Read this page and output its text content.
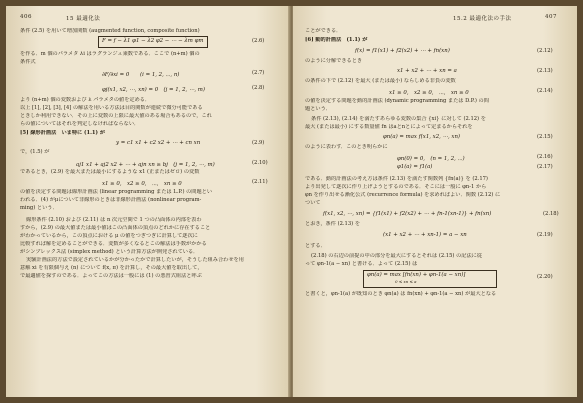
406	15 最適化法
条件 (2.5) を用いて増加関数 (augmented function, composite function)
F = f − λ1 φ1 − λ2 φ2 − ⋯ − λm φm	(2.6)
を作る．m 個のパラメタ λi はラグランジュ乗数である．ここで (n+m) 個の
条件式
∂F/∂xi = 0　　(i = 1, 2, ⋯, n)	(2.7)
φj(x1, x2, ⋯, xn) = 0　(j = 1, 2, ⋯, m)	(2.8)
より (n+m) 個の変数および λ パラメタの値を定める．
以上 [1], [2], [3], [4] の解法を用いる方法は目的関数が連続で微分可能である
ときしか利用できない．その上に変数の上限に最大値のある場合もあるので，これ
らの値についてはそれを判定しなければならない．
[5] 線形計画法　いま特に (1.1) が
y = c1 x1 + c2 x2 + ⋯ + cn xn	(2.9)
で，(1.5) が
aj1 x1 + aj2 x2 + ⋯ + ajn xn ≥ bj　(j = 1, 2, ⋯, m)	(2.10)
であるとき，(2.9) を最大または最小にするような x1 (正またはゼロ) の変数
x1 ≥ 0,　x2 ≥ 0,　⋯,　xn ≥ 0	(2.11)
の値を決定する問題は線形計画法 (linear programming または L.P.) の問題とい
われる．(4) がμについて非線形のときは非線形計画法 (nonlinear program-
ming) という．
線形条件 (2.10) および (2.11) は n 次元空間で 1 つの凸面体の内部を表わ
すから，(2.9) の最大値または最小値はこの凸面体の頂点のどれかに存在すること
がわかっているから，この頂点における μ の値をつぎつぎに計算して逐次に
比較すれば解を定めることができる．変数が多くなるとこの解法は手数がかかる
がシンプレックス法 (simplex method) という計算方法が開発されている．
実験計画法的方法で設定されているかが分かったかで計算したいが，そうした組み合わせを用
意解 xi を有限個与え (n) について f(x, π) を計算し，その最大値を取出して，
で最適値を探すのである．よってこの方法は一般には (1) の悪習式組法と呼ぶ
15.2 最適化法の手法	407
ことができる．
[6] 動的計画法　(1.1) が
f(x) = f1(x1) + f2(x2) + ⋯ + fn(xn)	(2.12)
のように分解できるとき
x1 + x2 + ⋯ + xn = a	(2.13)
の条件の下で (2.12) を最大 (または最小) ならしめる非負の変数
x1 ≥ 0,　x2 ≥ 0,　⋯,　xn ≥ 0	(2.14)
の値を決定する問題を動的計画法 (dynamic programming または D.P.) の問
題という．
条件 (2.13), (2.14) を満たすあらゆる変数の集合 {xi} に対して (2.12) を
最大 (または最小) にする数量値 fn はaとnとによって定まるからそれを
φn(a) = max f(x1, x2, ⋯, xn)	(2.15)
のように表わす．このとき明らかに
φn(0) = 0,　(n = 1, 2, ⋯)	(2.16)
φ1(a) = f1(a)	(2.17)
である．動的計画法の考え方は条件 (2.13) を満たす関数列 {fn(a)} を (2.17)
より出発して逐次に作り上げようとするのである．そこには一般に φn-1 から
φn を作り出せる漸化公式 (recurrence formula) を求めればよい．関数 (2.12) に
ついて
f(x1, x2, ⋯, xn) = {f1(x1) + f2(x2) + ⋯ + fn-1(xn-1)} + fn(xn)	(2.18)
とおき，条件 (2.13) を
(x1 + x2 + ⋯ + xn-1) = a − xn	(2.19)
とする．
(2.18) の右辺の前提の中の部分を最大にするとそれは (2.15) の記法に従
って φn-1(a − xn) と書ける．よって (2.15) は
φn(a) = max [fn(xn) + φn-1(a − xn)]
0 ≤ xn ≤ a
(2.20)
と書くと，φn-1(a) が既知のとき φn(a) は fn(xn) + φn-1(a − xn) が最大となる
